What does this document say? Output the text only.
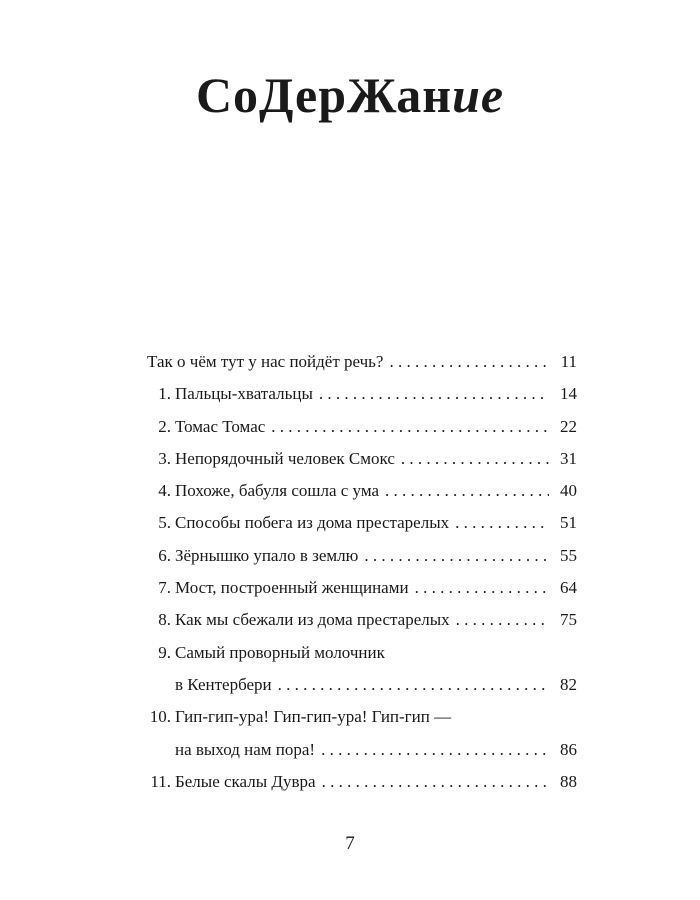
СоДерЖание
Так о чём тут у нас пойдёт речь? . . .	11
1. Пальцы-хватальцы . . .	14
2. Томас Томас . . .	22
3. Непорядочный человек Смокс . . .	31
4. Похоже, бабуля сошла с ума . . .	40
5. Способы побега из дома престарелых . . .	51
6. Зёрнышко упало в землю . . .	55
7. Мост, построенный женщинами . . .	64
8. Как мы сбежали из дома престарелых . . .	75
9. Самый проворный молочник
в Кентербери . . .	82
10. Гип-гип-ура! Гип-гип-ура! Гип-гип —
на выход нам пора! . . .	86
11. Белые скалы Дувра . . .	88
7
